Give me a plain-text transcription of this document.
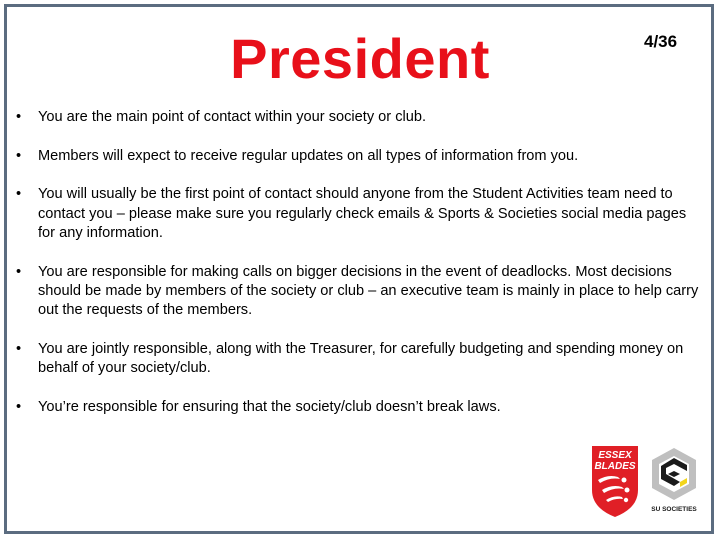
President	4/36
• You are the main point of contact within your society or club.
• Members will expect to receive regular updates on all types of information from you.
• You will usually be the first point of contact should anyone from the Student Activities team need to contact you – please make sure you regularly check emails & Sports & Societies social media pages for any information.
• You are responsible for making calls on bigger decisions in the event of deadlocks. Most decisions should be made by members of the society or club – an executive team is mainly in place to help carry out the requests of the members.
• You are jointly responsible, along with the Treasurer, for carefully budgeting and spending money on behalf of your society/club.
• You’re responsible for ensuring that the society/club doesn’t break laws.
ESSEX
BLADES
SU SOCIETIES
